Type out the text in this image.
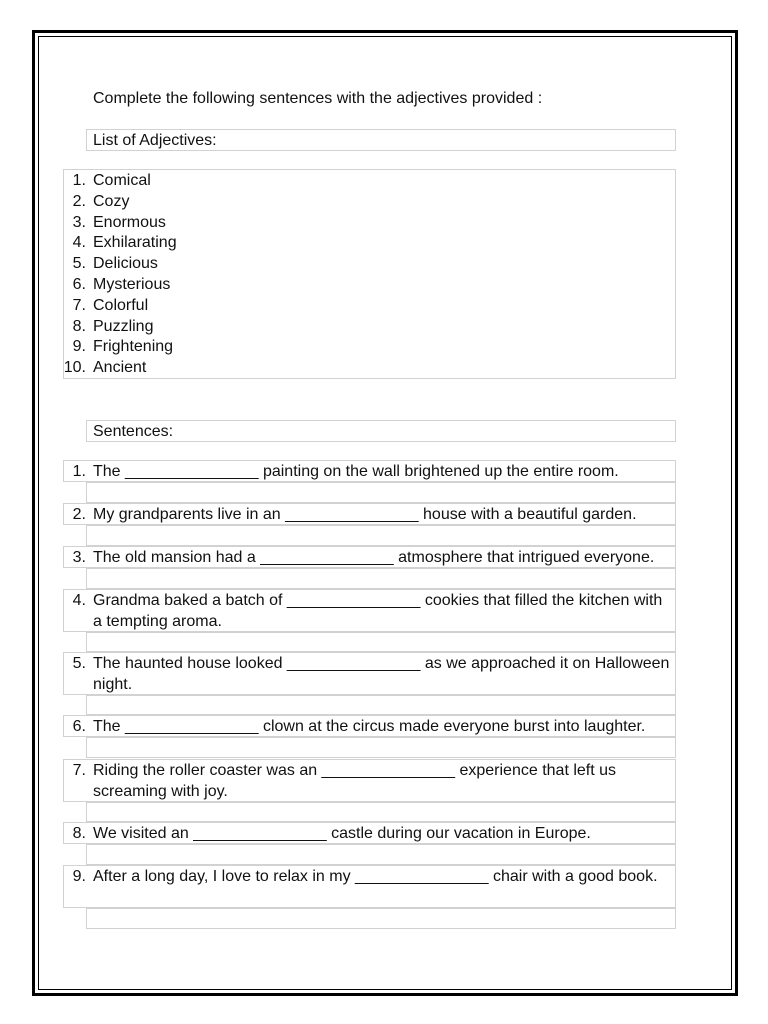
Complete the following sentences with the adjectives provided :
List of Adjectives:
1. Comical
2. Cozy
3. Enormous
4. Exhilarating
5. Delicious
6. Mysterious
7. Colorful
8. Puzzling
9. Frightening
10. Ancient
Sentences:
1. The _______________ painting on the wall brightened up the entire room.
2. My grandparents live in an _______________ house with a beautiful garden.
3. The old mansion had a _______________ atmosphere that intrigued everyone.
4. Grandma baked a batch of _______________ cookies that filled the kitchen with a tempting aroma.
5. The haunted house looked _______________ as we approached it on Halloween night.
6. The _______________ clown at the circus made everyone burst into laughter.
7. Riding the roller coaster was an _______________ experience that left us screaming with joy.
8. We visited an _______________ castle during our vacation in Europe.
9. After a long day, I love to relax in my _______________ chair with a good book.
